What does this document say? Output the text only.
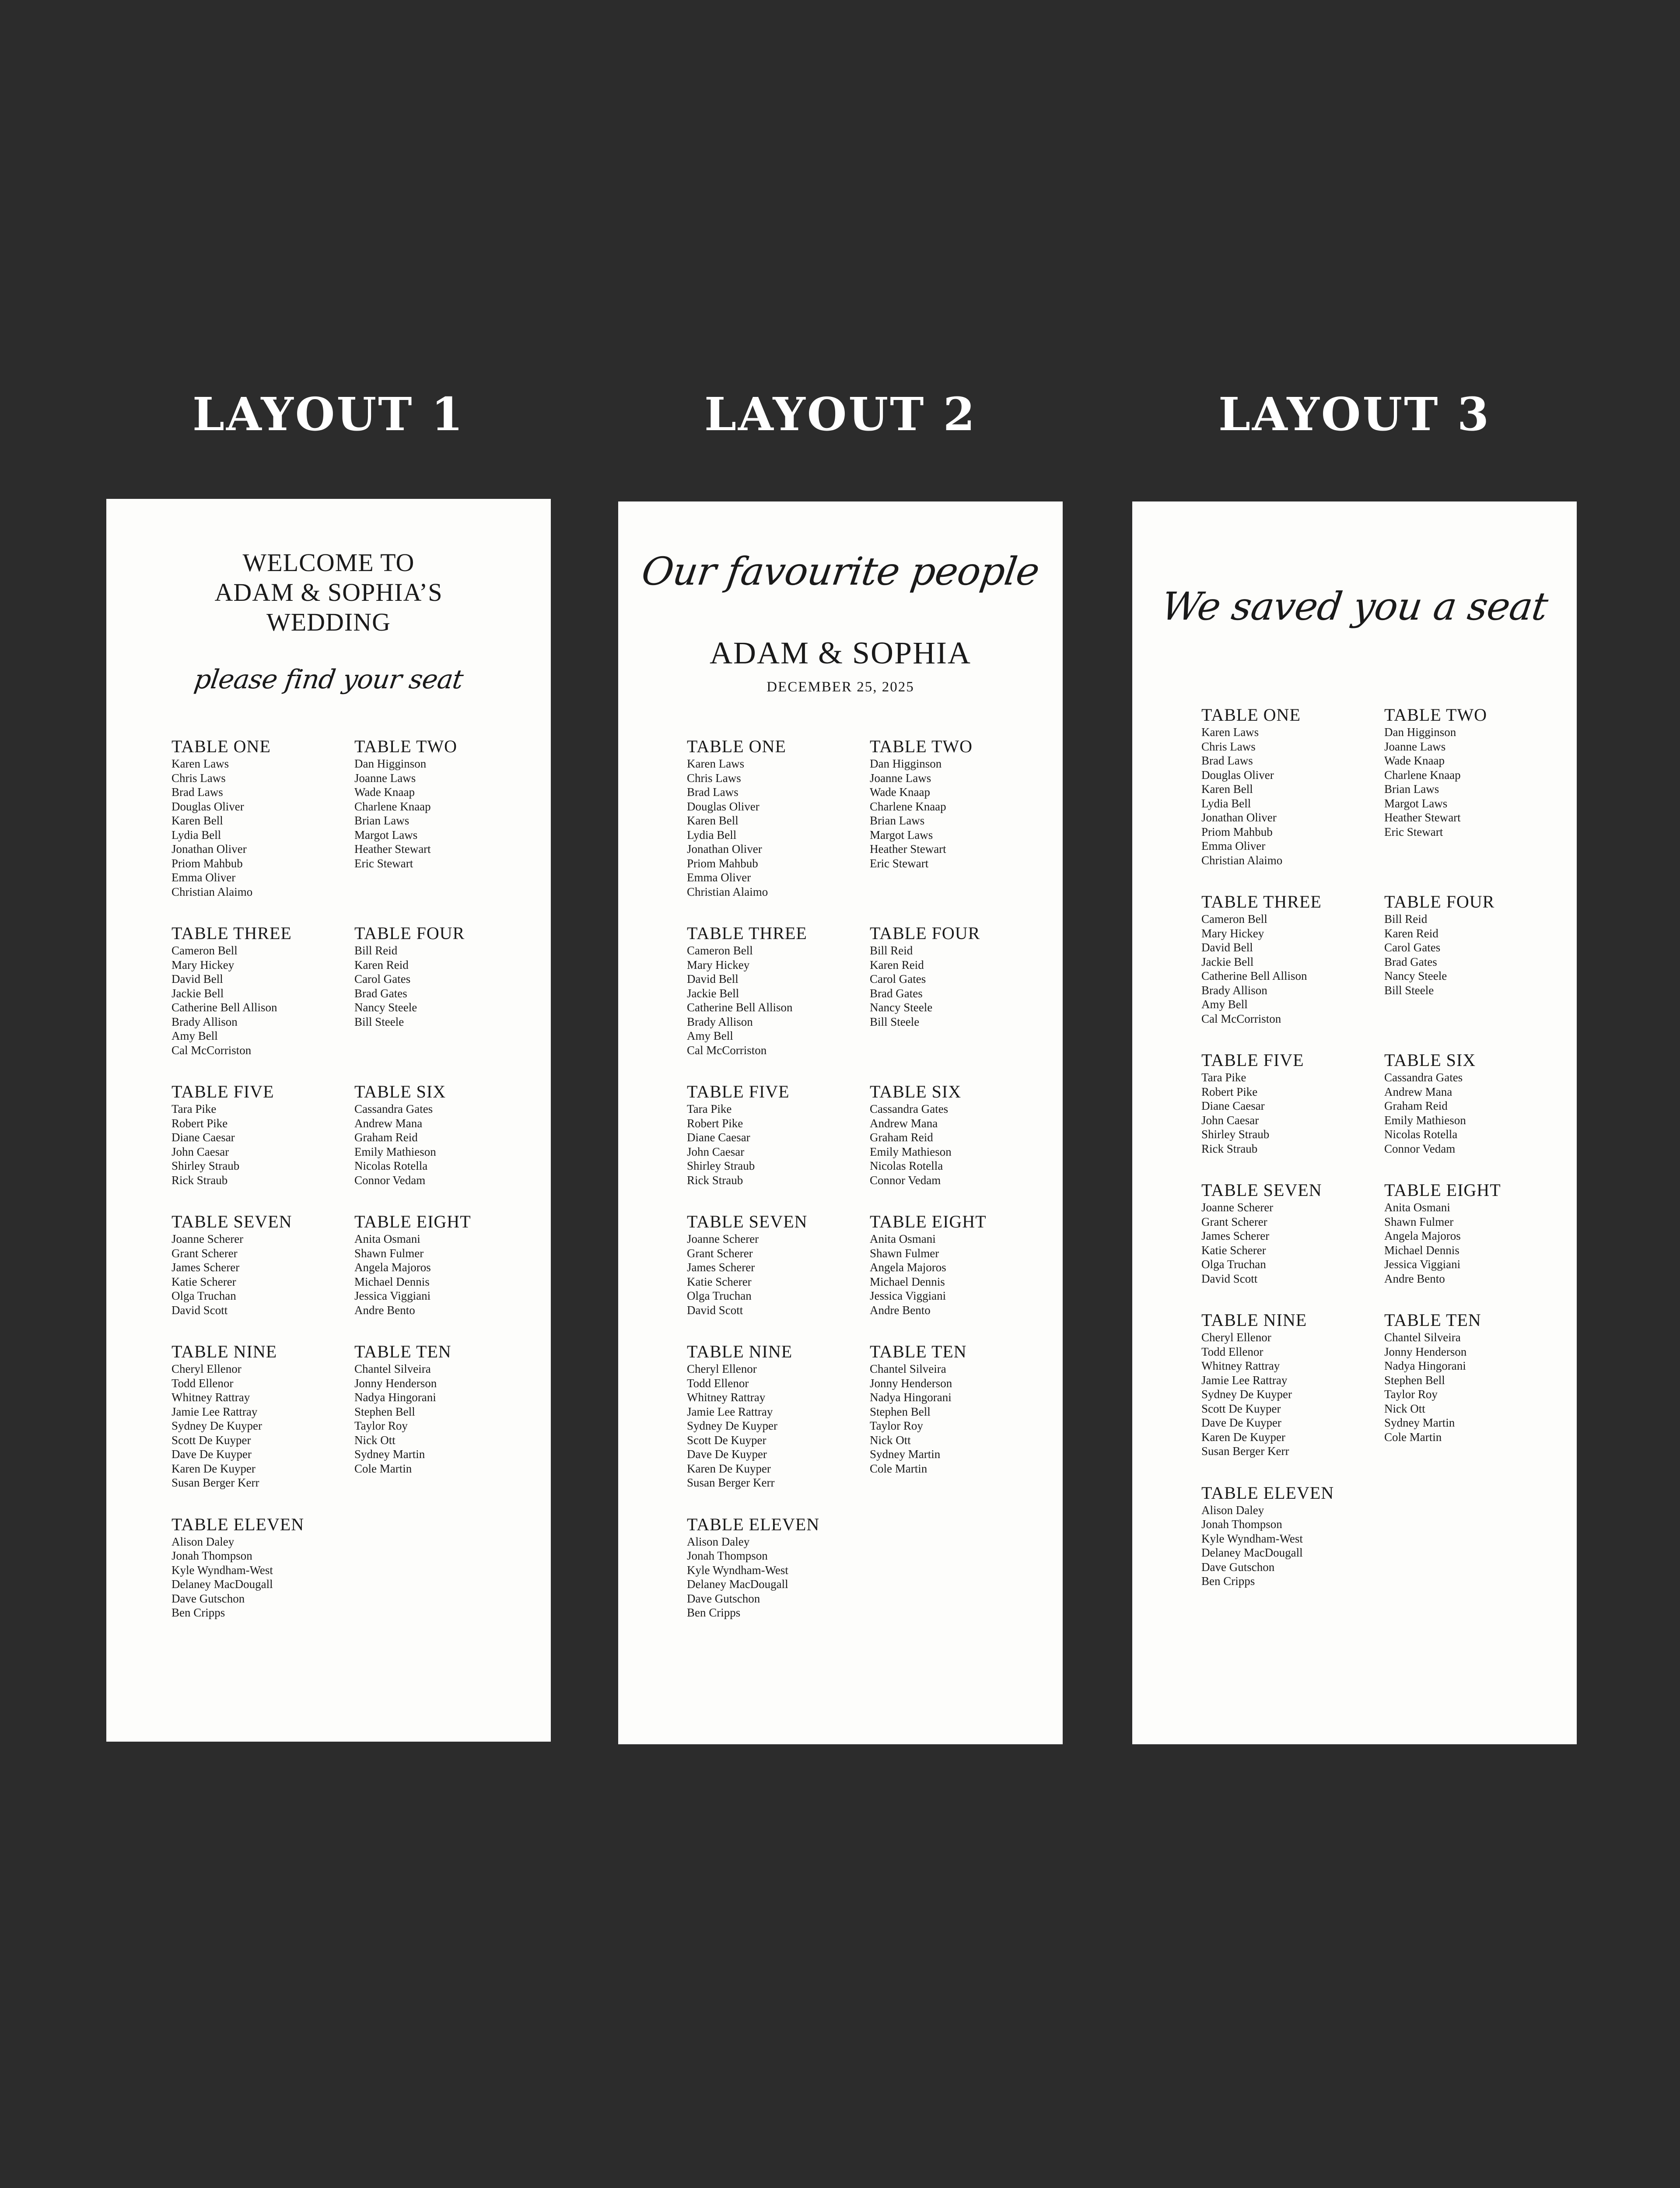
LAYOUT 1	LAYOUT 2	LAYOUT 3

WELCOME TO

ADAM & SOPHIA’S

WEDDING

please find your seat

TABLE ONE
Karen Laws
Chris Laws
Brad Laws
Douglas Oliver
Karen Bell
Lydia Bell
Jonathan Oliver
Priom Mahbub
Emma Oliver
Christian Alaimo
TABLE TWO
Dan Higginson
Joanne Laws
Wade Knaap
Charlene Knaap
Brian Laws
Margot Laws
Heather Stewart
Eric Stewart
TABLE THREE
Cameron Bell
Mary Hickey
David Bell
Jackie Bell
Catherine Bell Allison
Brady Allison
Amy Bell
Cal McCorriston
TABLE FOUR
Bill Reid
Karen Reid
Carol Gates
Brad Gates
Nancy Steele
Bill Steele
TABLE FIVE
Tara Pike
Robert Pike
Diane Caesar
John Caesar
Shirley Straub
Rick Straub
TABLE SIX
Cassandra Gates
Andrew Mana
Graham Reid
Emily Mathieson
Nicolas Rotella
Connor Vedam
TABLE SEVEN
Joanne Scherer
Grant Scherer
James Scherer
Katie Scherer
Olga Truchan
David Scott
TABLE EIGHT
Anita Osmani
Shawn Fulmer
Angela Majoros
Michael Dennis
Jessica Viggiani
Andre Bento
TABLE NINE
Cheryl Ellenor
Todd Ellenor
Whitney Rattray
Jamie Lee Rattray
Sydney De Kuyper
Scott De Kuyper
Dave De Kuyper
Karen De Kuyper
Susan Berger Kerr
TABLE TEN
Chantel Silveira
Jonny Henderson
Nadya Hingorani
Stephen Bell
Taylor Roy
Nick Ott
Sydney Martin
Cole Martin
TABLE ELEVEN
Alison Daley
Jonah Thompson
Kyle Wyndham-West
Delaney MacDougall
Dave Gutschon
Ben Cripps

Our favourite people

ADAM & SOPHIA

DECEMBER 25, 2025

TABLE ONE
Karen Laws
Chris Laws
Brad Laws
Douglas Oliver
Karen Bell
Lydia Bell
Jonathan Oliver
Priom Mahbub
Emma Oliver
Christian Alaimo
TABLE TWO
Dan Higginson
Joanne Laws
Wade Knaap
Charlene Knaap
Brian Laws
Margot Laws
Heather Stewart
Eric Stewart
TABLE THREE
Cameron Bell
Mary Hickey
David Bell
Jackie Bell
Catherine Bell Allison
Brady Allison
Amy Bell
Cal McCorriston
TABLE FOUR
Bill Reid
Karen Reid
Carol Gates
Brad Gates
Nancy Steele
Bill Steele
TABLE FIVE
Tara Pike
Robert Pike
Diane Caesar
John Caesar
Shirley Straub
Rick Straub
TABLE SIX
Cassandra Gates
Andrew Mana
Graham Reid
Emily Mathieson
Nicolas Rotella
Connor Vedam
TABLE SEVEN
Joanne Scherer
Grant Scherer
James Scherer
Katie Scherer
Olga Truchan
David Scott
TABLE EIGHT
Anita Osmani
Shawn Fulmer
Angela Majoros
Michael Dennis
Jessica Viggiani
Andre Bento
TABLE NINE
Cheryl Ellenor
Todd Ellenor
Whitney Rattray
Jamie Lee Rattray
Sydney De Kuyper
Scott De Kuyper
Dave De Kuyper
Karen De Kuyper
Susan Berger Kerr
TABLE TEN
Chantel Silveira
Jonny Henderson
Nadya Hingorani
Stephen Bell
Taylor Roy
Nick Ott
Sydney Martin
Cole Martin
TABLE ELEVEN
Alison Daley
Jonah Thompson
Kyle Wyndham-West
Delaney MacDougall
Dave Gutschon
Ben Cripps

We saved you a seat

TABLE ONE
Karen Laws
Chris Laws
Brad Laws
Douglas Oliver
Karen Bell
Lydia Bell
Jonathan Oliver
Priom Mahbub
Emma Oliver
Christian Alaimo
TABLE TWO
Dan Higginson
Joanne Laws
Wade Knaap
Charlene Knaap
Brian Laws
Margot Laws
Heather Stewart
Eric Stewart
TABLE THREE
Cameron Bell
Mary Hickey
David Bell
Jackie Bell
Catherine Bell Allison
Brady Allison
Amy Bell
Cal McCorriston
TABLE FOUR
Bill Reid
Karen Reid
Carol Gates
Brad Gates
Nancy Steele
Bill Steele
TABLE FIVE
Tara Pike
Robert Pike
Diane Caesar
John Caesar
Shirley Straub
Rick Straub
TABLE SIX
Cassandra Gates
Andrew Mana
Graham Reid
Emily Mathieson
Nicolas Rotella
Connor Vedam
TABLE SEVEN
Joanne Scherer
Grant Scherer
James Scherer
Katie Scherer
Olga Truchan
David Scott
TABLE EIGHT
Anita Osmani
Shawn Fulmer
Angela Majoros
Michael Dennis
Jessica Viggiani
Andre Bento
TABLE NINE
Cheryl Ellenor
Todd Ellenor
Whitney Rattray
Jamie Lee Rattray
Sydney De Kuyper
Scott De Kuyper
Dave De Kuyper
Karen De Kuyper
Susan Berger Kerr
TABLE TEN
Chantel Silveira
Jonny Henderson
Nadya Hingorani
Stephen Bell
Taylor Roy
Nick Ott
Sydney Martin
Cole Martin
TABLE ELEVEN
Alison Daley
Jonah Thompson
Kyle Wyndham-West
Delaney MacDougall
Dave Gutschon
Ben Cripps
